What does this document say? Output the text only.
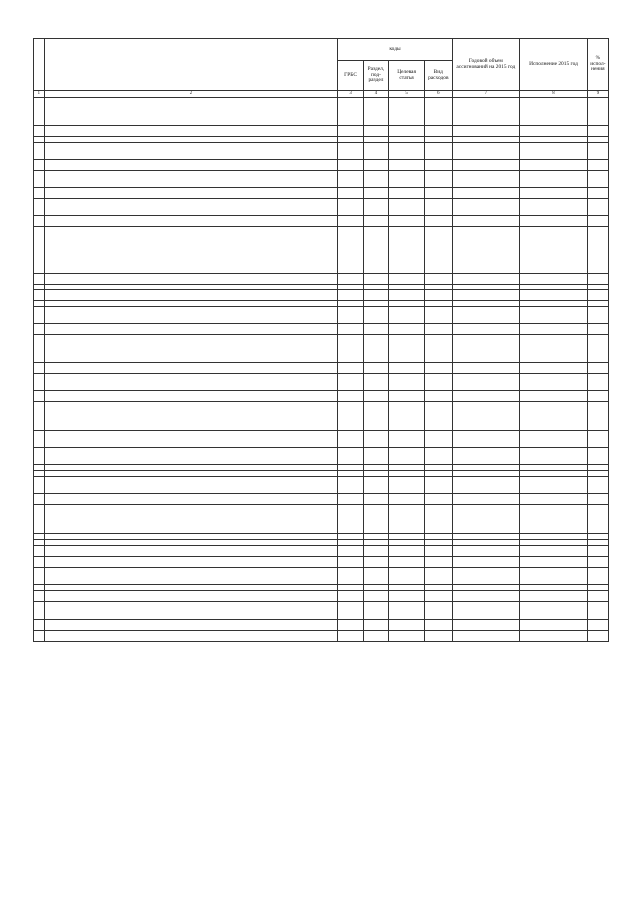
		коды				Годовой объем ассигнований на 2015 год	Исполнение 2015 год	% испол-нения
		ГРБС	Раздел, под-раздел	Целевая статья	Вид расходов			
1	2	3	4	5	6	7	8	9
